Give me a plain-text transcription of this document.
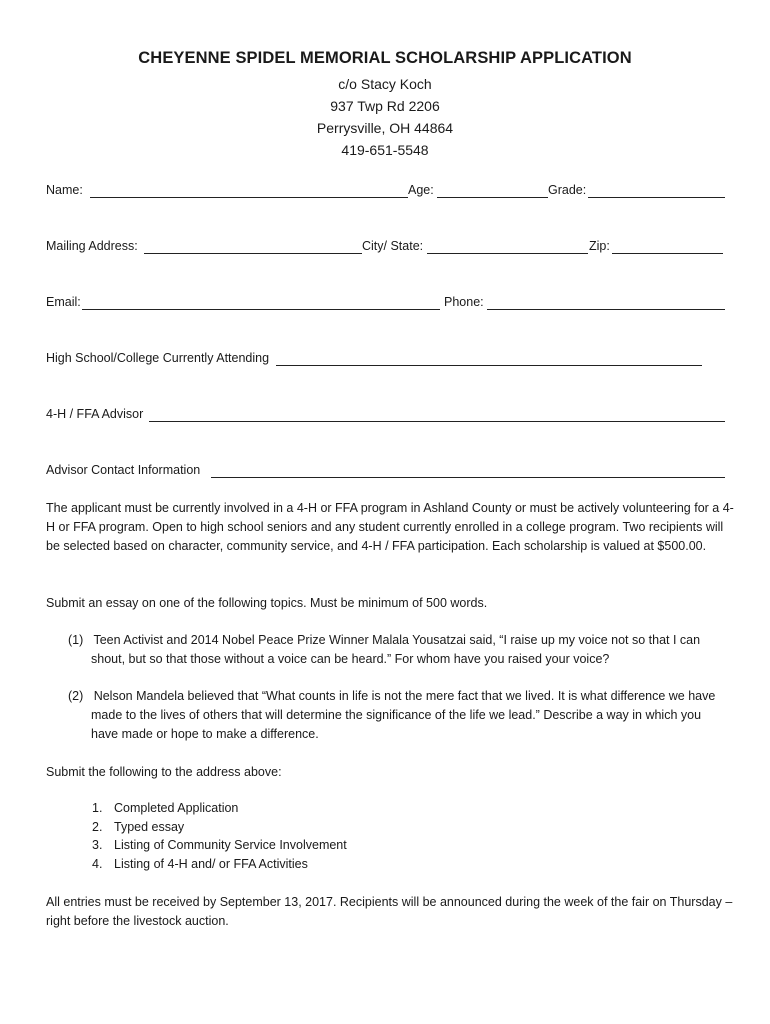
CHEYENNE SPIDEL MEMORIAL SCHOLARSHIP APPLICATION
c/o Stacy Koch
937 Twp Rd 2206
Perrysville, OH 44864
419-651-5548
Name:	Age:	Grade:
Mailing Address:	City/ State:	Zip:
Email:	Phone:
High School/College Currently Attending
4-H / FFA Advisor
Advisor Contact Information
The applicant must be currently involved in a 4-H or FFA program in Ashland County or must be actively volunteering for a 4-H or FFA program. Open to high school seniors and any student currently enrolled in a college program. Two recipients will be selected based on character, community service, and 4-H / FFA participation. Each scholarship is valued at $500.00.
Submit an essay on one of the following topics. Must be minimum of 500 words.
(1) Teen Activist and 2014 Nobel Peace Prize Winner Malala Yousatzai said, “I raise up my voice not so that I can shout, but so that those without a voice can be heard.” For whom have you raised your voice?
(2) Nelson Mandela believed that “What counts in life is not the mere fact that we lived. It is what difference we have made to the lives of others that will determine the significance of the life we lead.” Describe a way in which you have made or hope to make a difference.
Submit the following to the address above:
1. Completed Application
2. Typed essay
3. Listing of Community Service Involvement
4. Listing of 4-H and/ or FFA Activities
All entries must be received by September 13, 2017. Recipients will be announced during the week of the fair on Thursday – right before the livestock auction.
